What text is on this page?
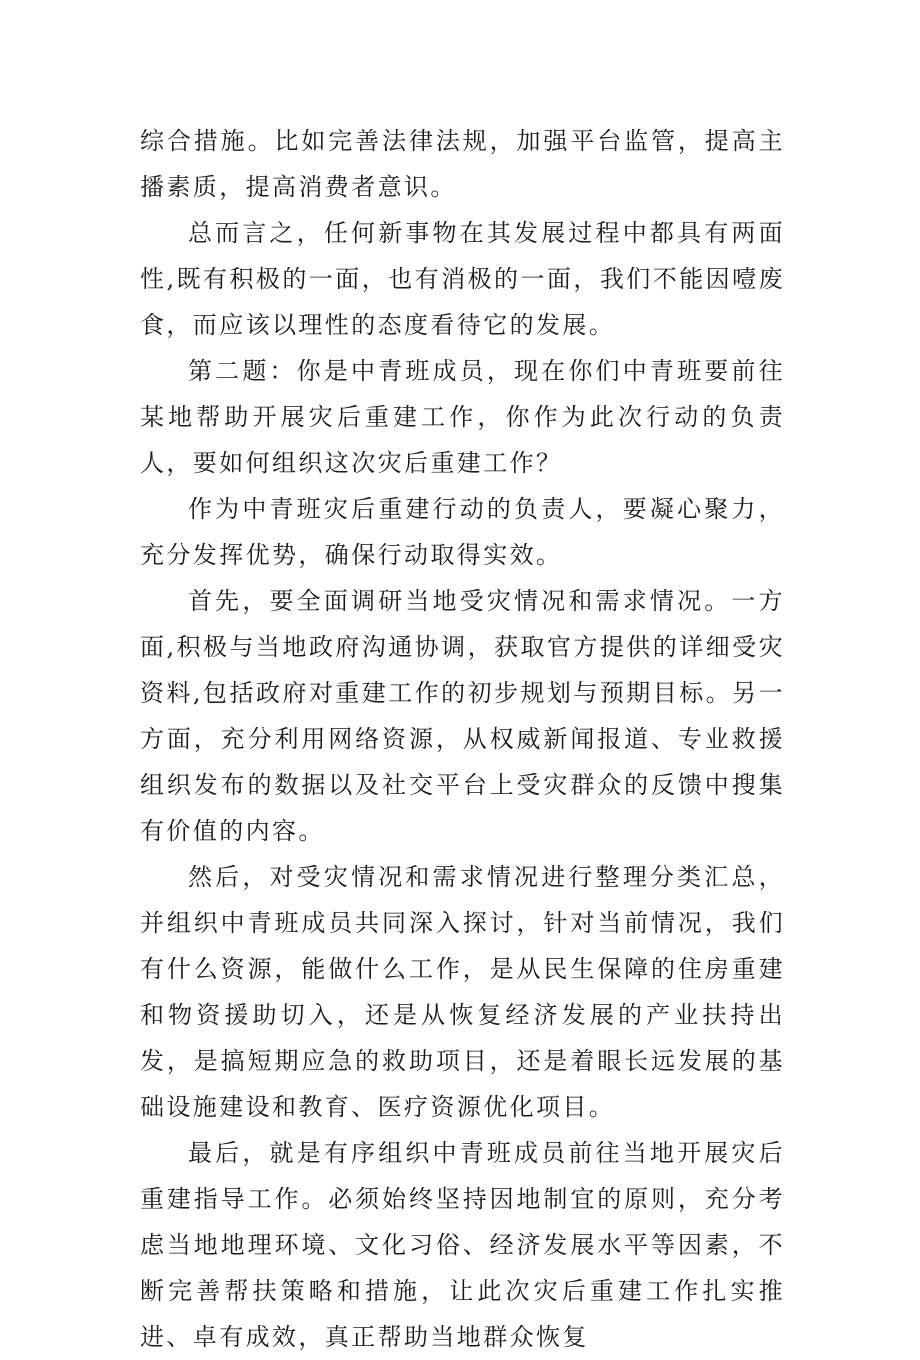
综合措施。比如完善法律法规，加强平台监管，提高主播素质，提高消费者意识。

总而言之，任何新事物在其发展过程中都具有两面性,既有积极的一面，也有消极的一面，我们不能因噎废食，而应该以理性的态度看待它的发展。

第二题：你是中青班成员，现在你们中青班要前往某地帮助开展灾后重建工作，你作为此次行动的负责人，要如何组织这次灾后重建工作？

作为中青班灾后重建行动的负责人，要凝心聚力，充分发挥优势，确保行动取得实效。

首先，要全面调研当地受灾情况和需求情况。一方面,积极与当地政府沟通协调，获取官方提供的详细受灾资料,包括政府对重建工作的初步规划与预期目标。另一方面，充分利用网络资源，从权威新闻报道、专业救援组织发布的数据以及社交平台上受灾群众的反馈中搜集有价值的内容。

然后，对受灾情况和需求情况进行整理分类汇总，并组织中青班成员共同深入探讨，针对当前情况，我们有什么资源，能做什么工作，是从民生保障的住房重建和物资援助切入，还是从恢复经济发展的产业扶持出发，是搞短期应急的救助项目，还是着眼长远发展的基础设施建设和教育、医疗资源优化项目。

最后，就是有序组织中青班成员前往当地开展灾后重建指导工作。必须始终坚持因地制宜的原则，充分考虑当地地理环境、文化习俗、经济发展水平等因素，不断完善帮扶策略和措施，让此次灾后重建工作扎实推进、卓有成效，真正帮助当地群众恢复
